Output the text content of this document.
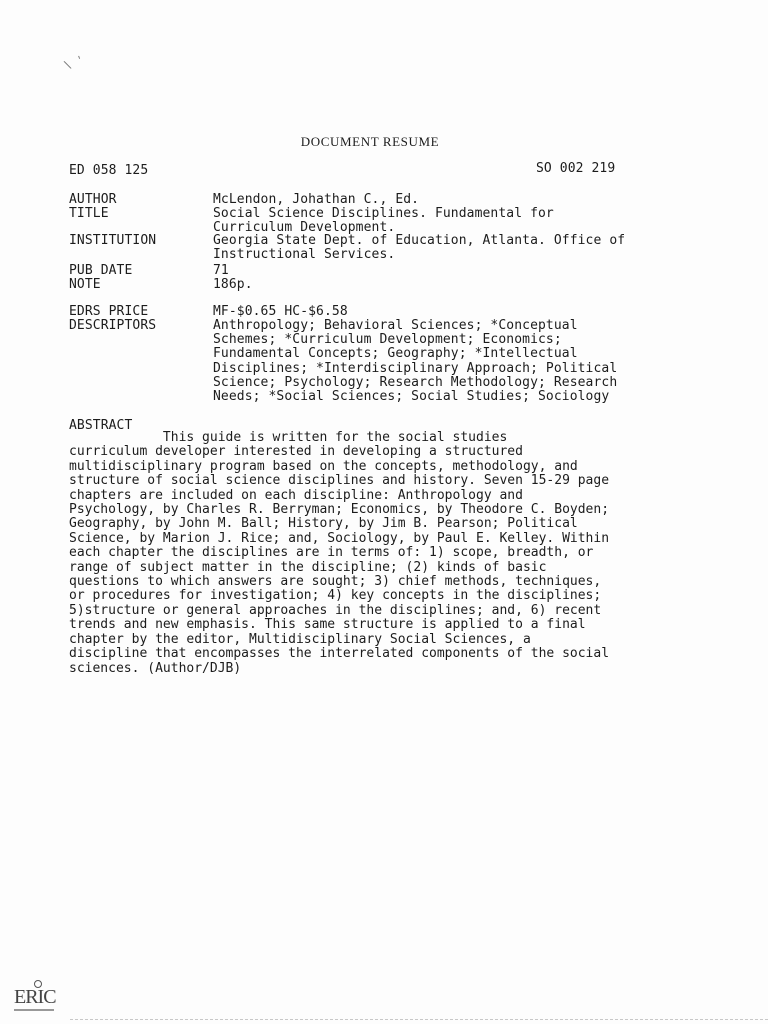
\ '
DOCUMENT RESUME
ED 058 125	SO 002 219
AUTHOR	McLendon, Johathan C., Ed.
TITLE	Social Science Disciplines. Fundamental for
Curriculum Development.
INSTITUTION	Georgia State Dept. of Education, Atlanta. Office of
Instructional Services.
PUB DATE	71
NOTE	186p.
EDRS PRICE	MF-$0.65 HC-$6.58
DESCRIPTORS	Anthropology; Behavioral Sciences; *Conceptual
Schemes; *Curriculum Development; Economics;
Fundamental Concepts; Geography; *Intellectual
Disciplines; *Interdisciplinary Approach; Political
Science; Psychology; Research Methodology; Research
Needs; *Social Sciences; Social Studies; Sociology
ABSTRACT
This guide is written for the social studies
curriculum developer interested in developing a structured
multidisciplinary program based on the concepts, methodology, and
structure of social science disciplines and history. Seven 15-29 page
chapters are included on each discipline: Anthropology and
Psychology, by Charles R. Berryman; Economics, by Theodore C. Boyden;
Geography, by John M. Ball; History, by Jim B. Pearson; Political
Science, by Marion J. Rice; and, Sociology, by Paul E. Kelley. Within
each chapter the disciplines are in terms of: 1) scope, breadth, or
range of subject matter in the discipline; (2) kinds of basic
questions to which answers are sought; 3) chief methods, techniques,
or procedures for investigation; 4) key concepts in the disciplines;
5)structure or general approaches in the disciplines; and, 6) recent
trends and new emphasis. This same structure is applied to a final
chapter by the editor, Multidisciplinary Social Sciences, a
discipline that encompasses the interrelated components of the social
sciences. (Author/DJB)
ERIC
